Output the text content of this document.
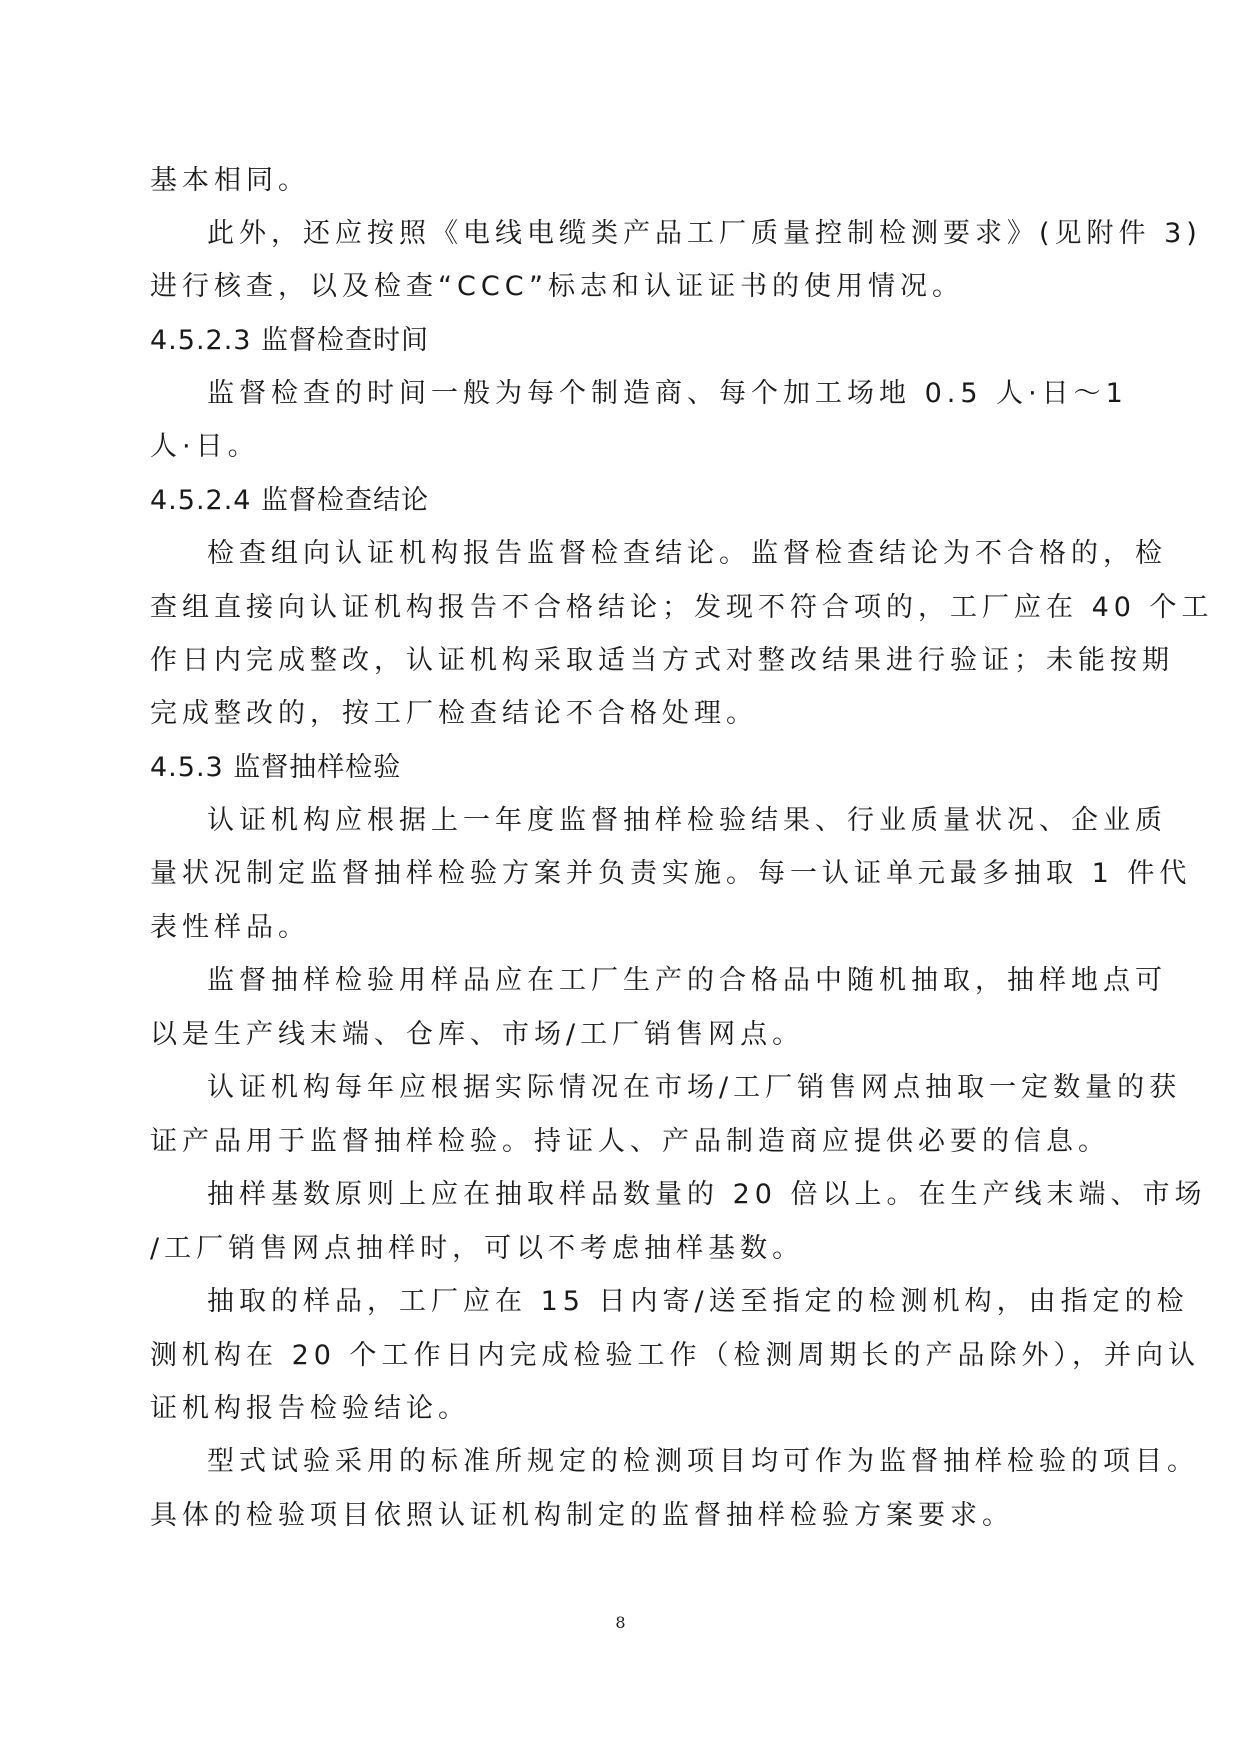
基本相同。
此外，还应按照《电线电缆类产品工厂质量控制检测要求》(见附件 3)
进行核查，以及检查“CCC”标志和认证证书的使用情况。
4.5.2.3 监督检查时间
监督检查的时间一般为每个制造商、每个加工场地 0.5 人·日～1
人·日。
4.5.2.4 监督检查结论
检查组向认证机构报告监督检查结论。监督检查结论为不合格的，检
查组直接向认证机构报告不合格结论；发现不符合项的，工厂应在 40 个工
作日内完成整改，认证机构采取适当方式对整改结果进行验证；未能按期
完成整改的，按工厂检查结论不合格处理。
4.5.3 监督抽样检验
认证机构应根据上一年度监督抽样检验结果、行业质量状况、企业质
量状况制定监督抽样检验方案并负责实施。每一认证单元最多抽取 1 件代
表性样品。
监督抽样检验用样品应在工厂生产的合格品中随机抽取，抽样地点可
以是生产线末端、仓库、市场/工厂销售网点。
认证机构每年应根据实际情况在市场/工厂销售网点抽取一定数量的获
证产品用于监督抽样检验。持证人、产品制造商应提供必要的信息。
抽样基数原则上应在抽取样品数量的 20 倍以上。在生产线末端、市场
/工厂销售网点抽样时，可以不考虑抽样基数。
抽取的样品，工厂应在 15 日内寄/送至指定的检测机构，由指定的检
测机构在 20 个工作日内完成检验工作（检测周期长的产品除外），并向认
证机构报告检验结论。
型式试验采用的标准所规定的检测项目均可作为监督抽样检验的项目。
具体的检验项目依照认证机构制定的监督抽样检验方案要求。
8
